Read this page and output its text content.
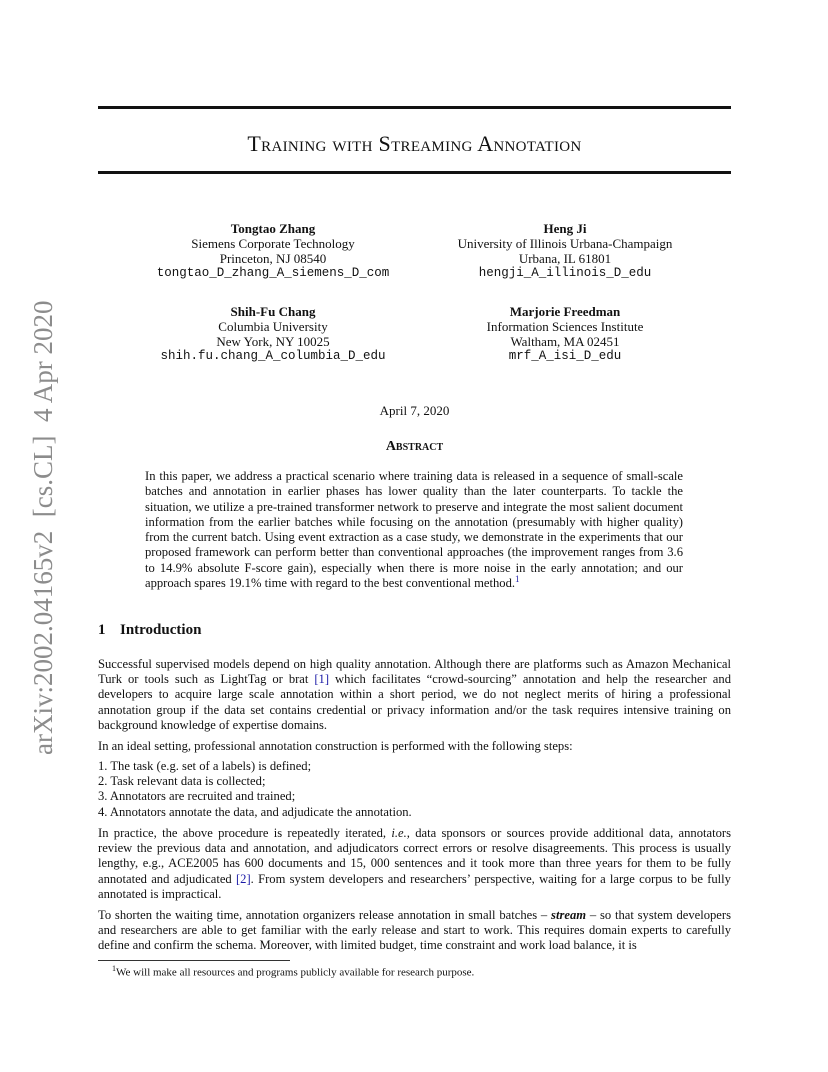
arXiv:2002.04165v2  [cs.CL]  4 Apr 2020
Training with Streaming Annotation
Tongtao Zhang
Siemens Corporate Technology
Princeton, NJ 08540
tongtao_D_zhang_A_siemens_D_com
Heng Ji
University of Illinois Urbana-Champaign
Urbana, IL 61801
hengji_A_illinois_D_edu
Shih-Fu Chang
Columbia University
New York, NY 10025
shih.fu.chang_A_columbia_D_edu
Marjorie Freedman
Information Sciences Institute
Waltham, MA 02451
mrf_A_isi_D_edu
April 7, 2020
Abstract
In this paper, we address a practical scenario where training data is released in a sequence of small-scale batches and annotation in earlier phases has lower quality than the later counterparts. To tackle the situation, we utilize a pre-trained transformer network to preserve and integrate the most salient document information from the earlier batches while focusing on the annotation (presumably with higher quality) from the current batch. Using event extraction as a case study, we demonstrate in the experiments that our proposed framework can perform better than conventional approaches (the improvement ranges from 3.6 to 14.9% absolute F-score gain), especially when there is more noise in the early annotation; and our approach spares 19.1% time with regard to the best conventional method.$^1$
1 Introduction
Successful supervised models depend on high quality annotation. Although there are platforms such as Amazon Mechanical Turk or tools such as LightTag or brat [1] which facilitates “crowd-sourcing” annotation and help the researcher and developers to acquire large scale annotation within a short period, we do not neglect merits of hiring a professional annotation group if the data set contains credential or privacy information and/or the task requires intensive training on background knowledge of expertise domains.
In an ideal setting, professional annotation construction is performed with the following steps:
1. The task (e.g. set of a labels) is defined;
2. Task relevant data is collected;
3. Annotators are recruited and trained;
4. Annotators annotate the data, and adjudicate the annotation.
In practice, the above procedure is repeatedly iterated, i.e., data sponsors or sources provide additional data, annotators review the previous data and annotation, and adjudicators correct errors or resolve disagreements. This process is usually lengthy, e.g., ACE2005 has 600 documents and 15, 000 sentences and it took more than three years for them to be fully annotated and adjudicated [2]. From system developers and researchers’ perspective, waiting for a large corpus to be fully annotated is impractical.
To shorten the waiting time, annotation organizers release annotation in small batches – stream – so that system developers and researchers are able to get familiar with the early release and start to work. This requires domain experts to carefully define and confirm the schema. Moreover, with limited budget, time constraint and work load balance, it is
$^1$We will make all resources and programs publicly available for research purpose.
